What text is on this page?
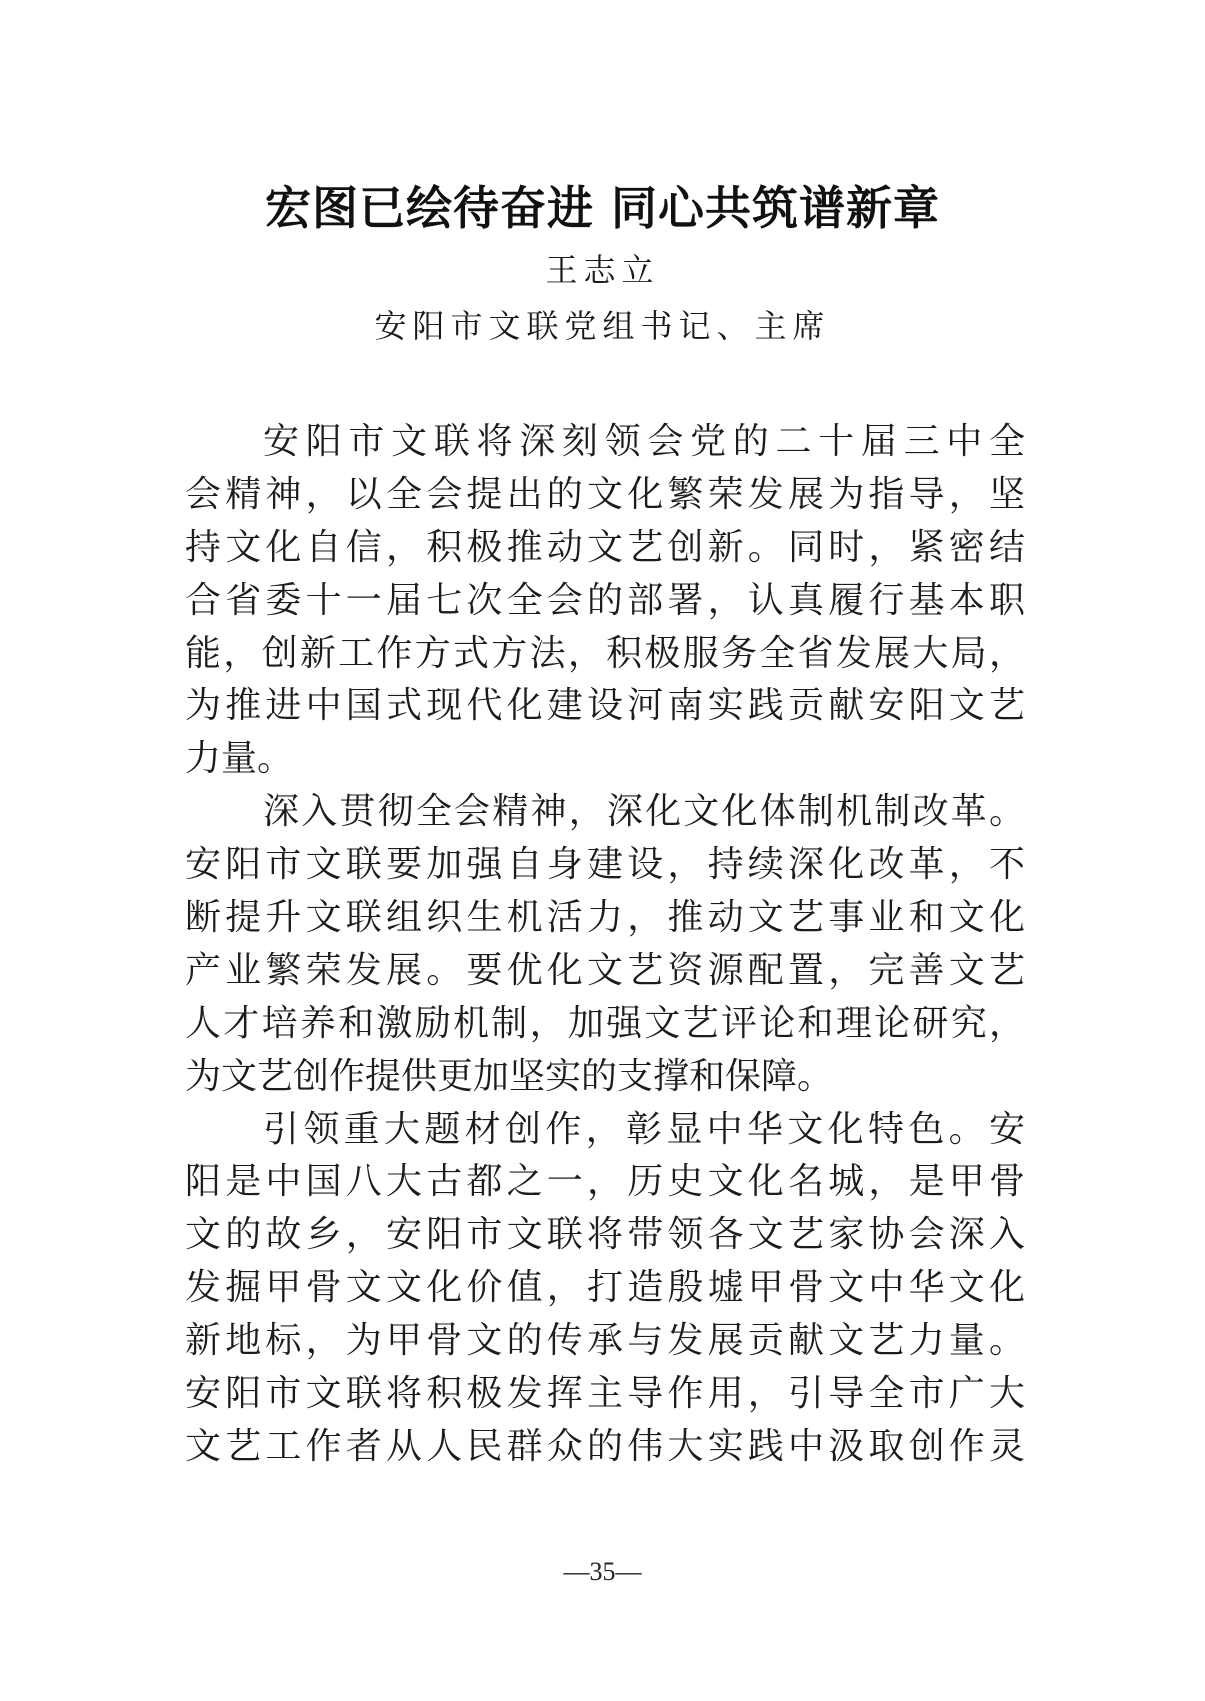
宏图已绘待奋进 同心共筑谱新章
王志立
安阳市文联党组书记、主席
安阳市文联将深刻领会党的二十届三中全
会精神，以全会提出的文化繁荣发展为指导，坚
持文化自信，积极推动文艺创新。同时，紧密结
合省委十一届七次全会的部署，认真履行基本职
能，创新工作方式方法，积极服务全省发展大局，
为推进中国式现代化建设河南实践贡献安阳文艺
力量。
深入贯彻全会精神，深化文化体制机制改革。
安阳市文联要加强自身建设，持续深化改革，不
断提升文联组织生机活力，推动文艺事业和文化
产业繁荣发展。要优化文艺资源配置，完善文艺
人才培养和激励机制，加强文艺评论和理论研究，
为文艺创作提供更加坚实的支撑和保障。
引领重大题材创作，彰显中华文化特色。安
阳是中国八大古都之一，历史文化名城，是甲骨
文的故乡，安阳市文联将带领各文艺家协会深入
发掘甲骨文文化价值，打造殷墟甲骨文中华文化
新地标，为甲骨文的传承与发展贡献文艺力量。
安阳市文联将积极发挥主导作用，引导全市广大
文艺工作者从人民群众的伟大实践中汲取创作灵
—35—
